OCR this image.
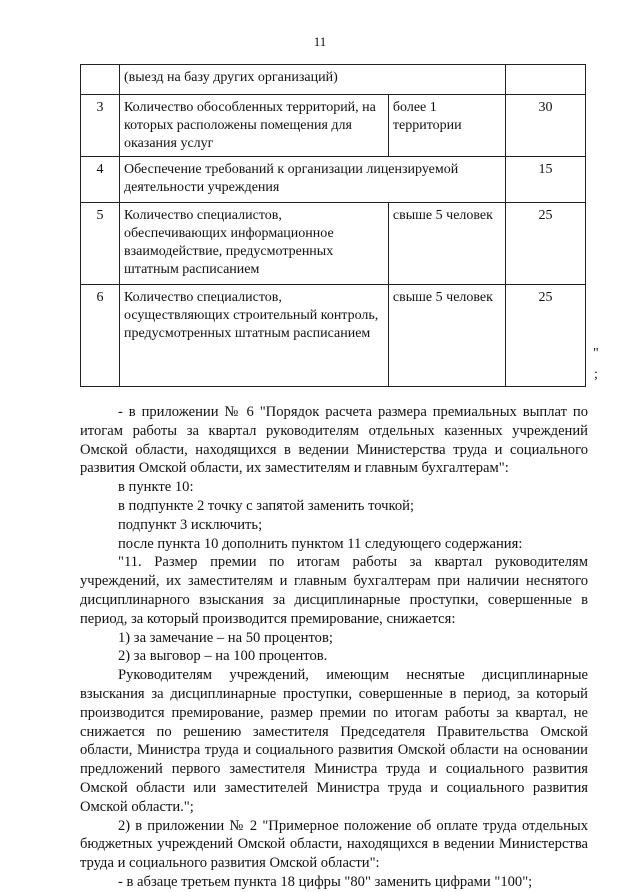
11
	(выезд на базу других организаций)		
3	Количество обособленных территорий, на которых расположены помещения для оказания услуг	более 1 территории	30
4	Обеспечение требований к организации лицензируемой деятельности учреждения		15
5	Количество специалистов, обеспечивающих информационное взаимодействие, предусмотренных штатным расписанием	свыше 5 человек	25
6	Количество специалистов, осуществляющих строительный контроль, предусмотренных штатным расписанием	свыше 5 человек	25
"
;

- в приложении № 6 "Порядок расчета размера премиальных выплат по итогам работы за квартал руководителям отдельных казенных учреждений Омской области, находящихся в ведении Министерства труда и социального развития Омской области, их заместителям и главным бухгалтерам":

в пункте 10:

в подпункте 2 точку с запятой заменить точкой;

подпункт 3 исключить;

после пункта 10 дополнить пунктом 11 следующего содержания:

"11. Размер премии по итогам работы за квартал руководителям учреждений, их заместителям и главным бухгалтерам при наличии неснятого дисциплинарного взыскания за дисциплинарные проступки, совершенные в период, за который производится премирование, снижается:

1) за замечание – на 50 процентов;

2) за выговор – на 100 процентов.

Руководителям учреждений, имеющим неснятые дисциплинарные взыскания за дисциплинарные проступки, совершенные в период, за который производится премирование, размер премии по итогам работы за квартал, не снижается по решению заместителя Председателя Правительства Омской области, Министра труда и социального развития Омской области на основании предложений первого заместителя Министра труда и социального развития Омской области или заместителей Министра труда и социального развития Омской области.";

2) в приложении № 2 "Примерное положение об оплате труда отдельных бюджетных учреждений Омской области, находящихся в ведении Министерства труда и социального развития Омской области":

- в абзаце третьем пункта 18 цифры "80" заменить цифрами "100";
